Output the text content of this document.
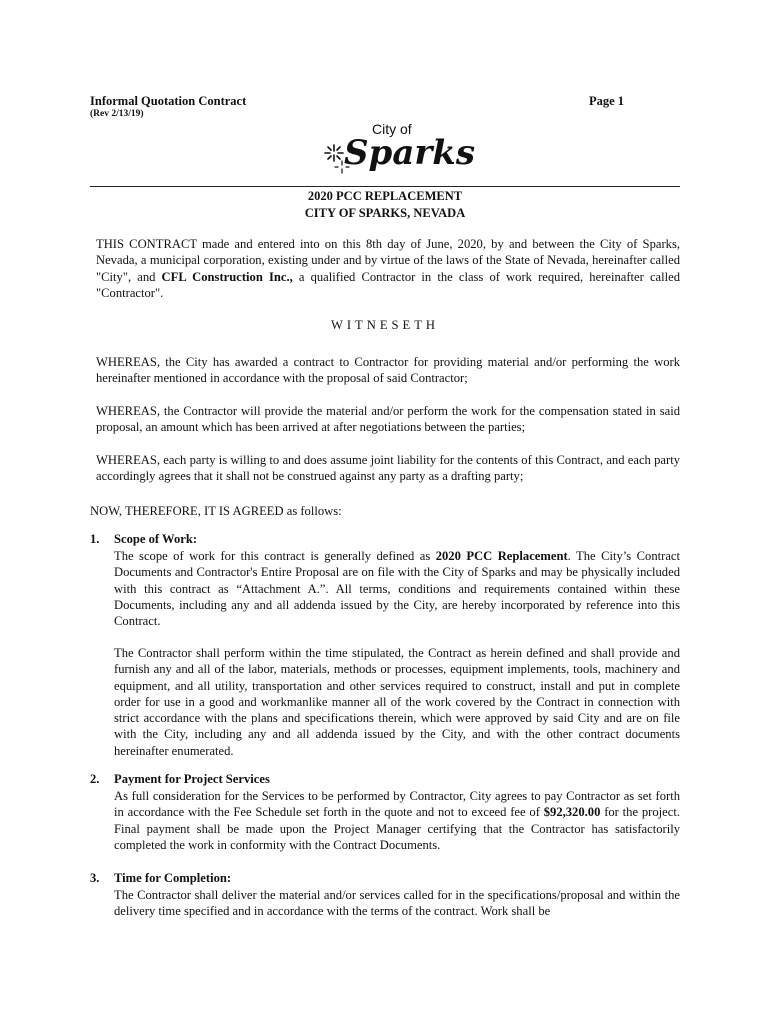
Informal Quotation Contract
(Rev 2/13/19)
Page 1
City of
Sparks
2020 PCC REPLACEMENT
CITY OF SPARKS, NEVADA
THIS CONTRACT made and entered into on this 8th day of June, 2020, by and between the City of Sparks, Nevada, a municipal corporation, existing under and by virtue of the laws of the State of Nevada, hereinafter called "City", and CFL Construction Inc., a qualified Contractor in the class of work required, hereinafter called "Contractor".
WITNESETH
WHEREAS, the City has awarded a contract to Contractor for providing material and/or performing the work hereinafter mentioned in accordance with the proposal of said Contractor;
WHEREAS, the Contractor will provide the material and/or perform the work for the compensation stated in said proposal, an amount which has been arrived at after negotiations between the parties;
WHEREAS, each party is willing to and does assume joint liability for the contents of this Contract, and each party accordingly agrees that it shall not be construed against any party as a drafting party;
NOW, THEREFORE, IT IS AGREED as follows:
1. Scope of Work:
The scope of work for this contract is generally defined as 2020 PCC Replacement. The City’s Contract Documents and Contractor's Entire Proposal are on file with the City of Sparks and may be physically included with this contract as “Attachment A.”. All terms, conditions and requirements contained within these Documents, including any and all addenda issued by the City, are hereby incorporated by reference into this Contract.
The Contractor shall perform within the time stipulated, the Contract as herein defined and shall provide and furnish any and all of the labor, materials, methods or processes, equipment implements, tools, machinery and equipment, and all utility, transportation and other services required to construct, install and put in complete order for use in a good and workmanlike manner all of the work covered by the Contract in connection with strict accordance with the plans and specifications therein, which were approved by said City and are on file with the City, including any and all addenda issued by the City, and with the other contract documents hereinafter enumerated.
2. Payment for Project Services
As full consideration for the Services to be performed by Contractor, City agrees to pay Contractor as set forth in accordance with the Fee Schedule set forth in the quote and not to exceed fee of $92,320.00 for the project. Final payment shall be made upon the Project Manager certifying that the Contractor has satisfactorily completed the work in conformity with the Contract Documents.
3. Time for Completion:
The Contractor shall deliver the material and/or services called for in the specifications/proposal and within the delivery time specified and in accordance with the terms of the contract. Work shall be
